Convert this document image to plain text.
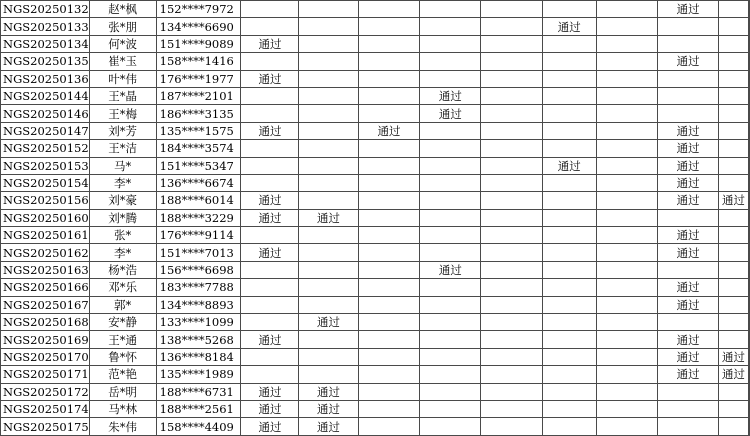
NGS20250132	赵*枫	152****7972								通过		
NGS20250133	张*朋	134****6690						通过				
NGS20250134	何*波	151****9089	通过									
NGS20250135	崔*玉	158****1416								通过		
NGS20250136	叶*伟	176****1977	通过									
NGS20250144	王*晶	187****2101				通过						
NGS20250146	王*梅	186****3135				通过						
NGS20250147	刘*芳	135****1575	通过		通过					通过		
NGS20250152	王*洁	184****3574								通过		
NGS20250153	马*	151****5347						通过		通过		
NGS20250154	李*	136****6674								通过		
NGS20250156	刘*豪	188****6014	通过							通过	通过	
NGS20250160	刘*腾	188****3229	通过	通过								
NGS20250161	张*	176****9114								通过		
NGS20250162	李*	151****7013	通过							通过		
NGS20250163	杨*浩	156****6698				通过						
NGS20250166	邓*乐	183****7788								通过		
NGS20250167	郭*	134****8893								通过		
NGS20250168	安*静	133****1099		通过								
NGS20250169	王*通	138****5268	通过							通过		
NGS20250170	鲁*怀	136****8184								通过	通过	
NGS20250171	范*艳	135****1989								通过	通过	
NGS20250172	岳*明	188****6731	通过	通过								
NGS20250174	马*林	188****2561	通过	通过								
NGS20250175	朱*伟	158****4409	通过	通过								
